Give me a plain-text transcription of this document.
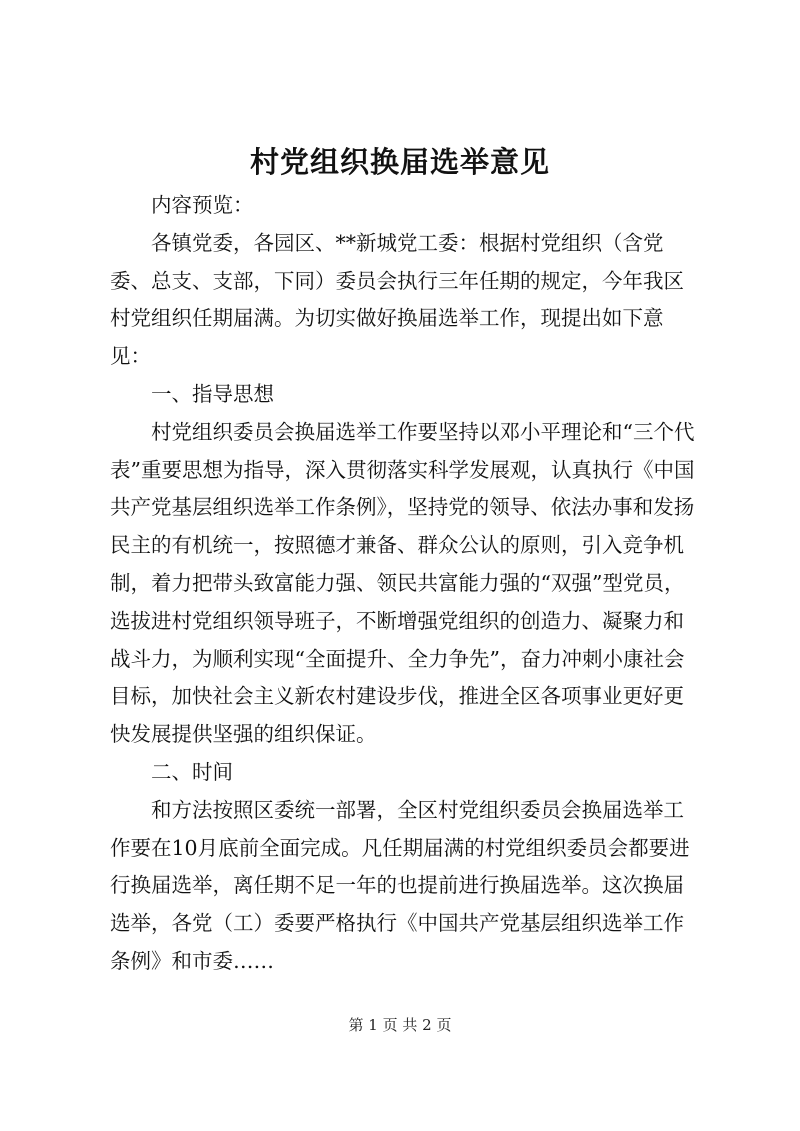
村党组织换届选举意见

内容预览：

各镇党委，各园区、**新城党工委：根据村党组织（含党委、总支、支部，下同）委员会执行三年任期的规定，今年我区村党组织任期届满。为切实做好换届选举工作，现提出如下意见：

一、指导思想

村党组织委员会换届选举工作要坚持以邓小平理论和“三个代表”重要思想为指导，深入贯彻落实科学发展观，认真执行《中国共产党基层组织选举工作条例》，坚持党的领导、依法办事和发扬民主的有机统一，按照德才兼备、群众公认的原则，引入竞争机制，着力把带头致富能力强、领民共富能力强的“双强”型党员，选拔进村党组织领导班子，不断增强党组织的创造力、凝聚力和战斗力，为顺利实现“全面提升、全力争先”，奋力冲刺小康社会目标，加快社会主义新农村建设步伐，推进全区各项事业更好更快发展提供坚强的组织保证。

二、时间

和方法按照区委统一部署，全区村党组织委员会换届选举工作要在10月底前全面完成。凡任期届满的村党组织委员会都要进行换届选举，离任期不足一年的也提前进行换届选举。这次换届选举，各党（工）委要严格执行《中国共产党基层组织选举工作条例》和市委……

第 1 页 共 2 页
